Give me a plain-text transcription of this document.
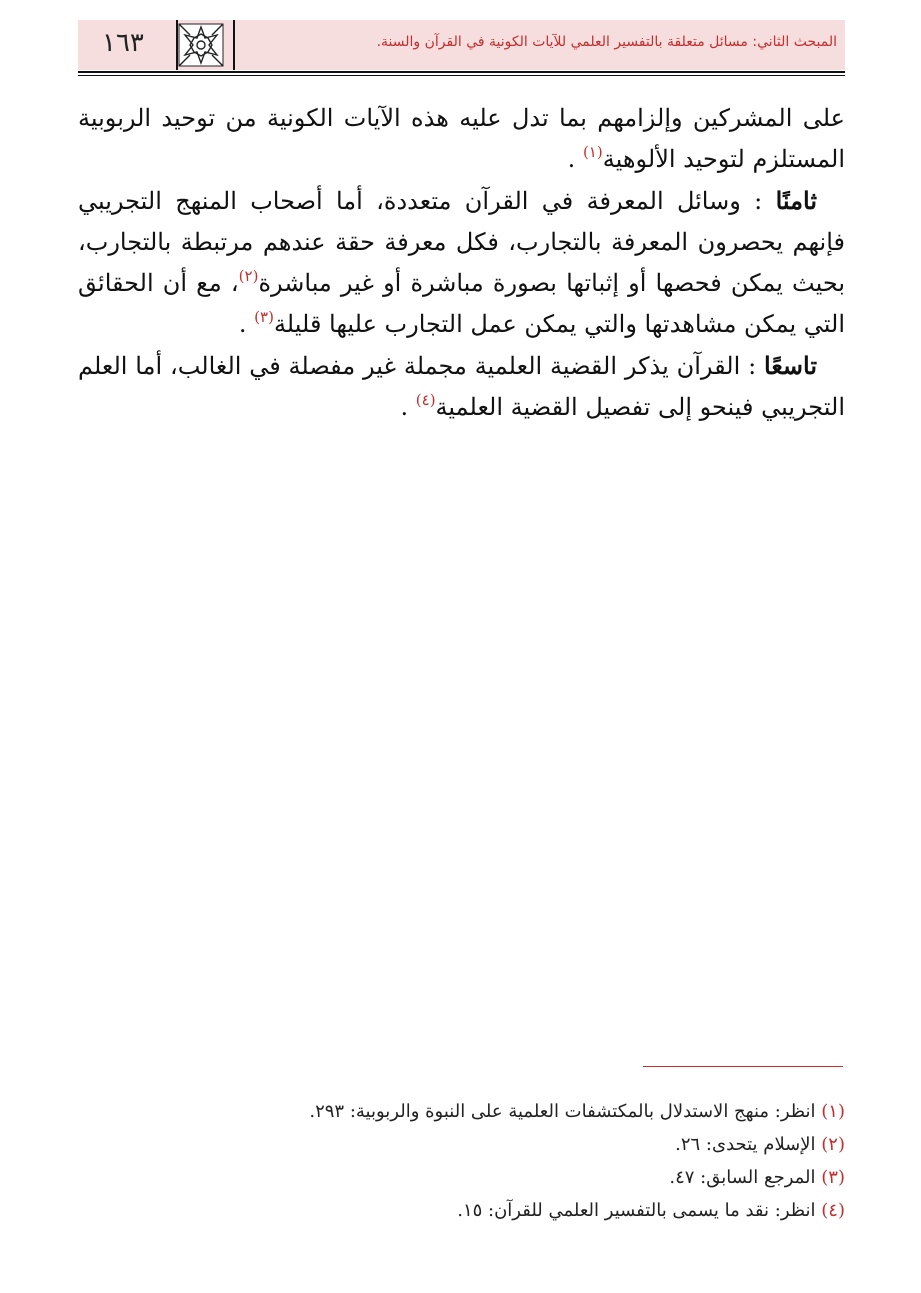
المبحث الثاني: مسائل متعلقة بالتفسير العلمي للآيات الكونية في القرآن والسنة.
١٦٣

على المشركين وإلزامهم بما تدل عليه هذه الآيات الكونية من توحيد الربوبية المستلزم لتوحيد الألوهية$^{(١)}$ .

ثامنًا : وسائل المعرفة في القرآن متعددة، أما أصحاب المنهج التجريبي فإنهم يحصرون المعرفة بالتجارب، فكل معرفة حقة عندهم مرتبطة بالتجارب، بحيث يمكن فحصها أو إثباتها بصورة مباشرة أو غير مباشرة$^{(٢)}$، مع أن الحقائق التي يمكن مشاهدتها والتي يمكن عمل التجارب عليها قليلة$^{(٣)}$ .

تاسعًا : القرآن يذكر القضية العلمية مجملة غير مفصلة في الغالب، أما العلم التجريبي فينحو إلى تفصيل القضية العلمية$^{(٤)}$ .

(١) انظر: منهج الاستدلال بالمكتشفات العلمية على النبوة والربوبية: ٢٩٣.

(٢) الإسلام يتحدى: ٢٦.

(٣) المرجع السابق: ٤٧.

(٤) انظر: نقد ما يسمى بالتفسير العلمي للقرآن: ١٥.
